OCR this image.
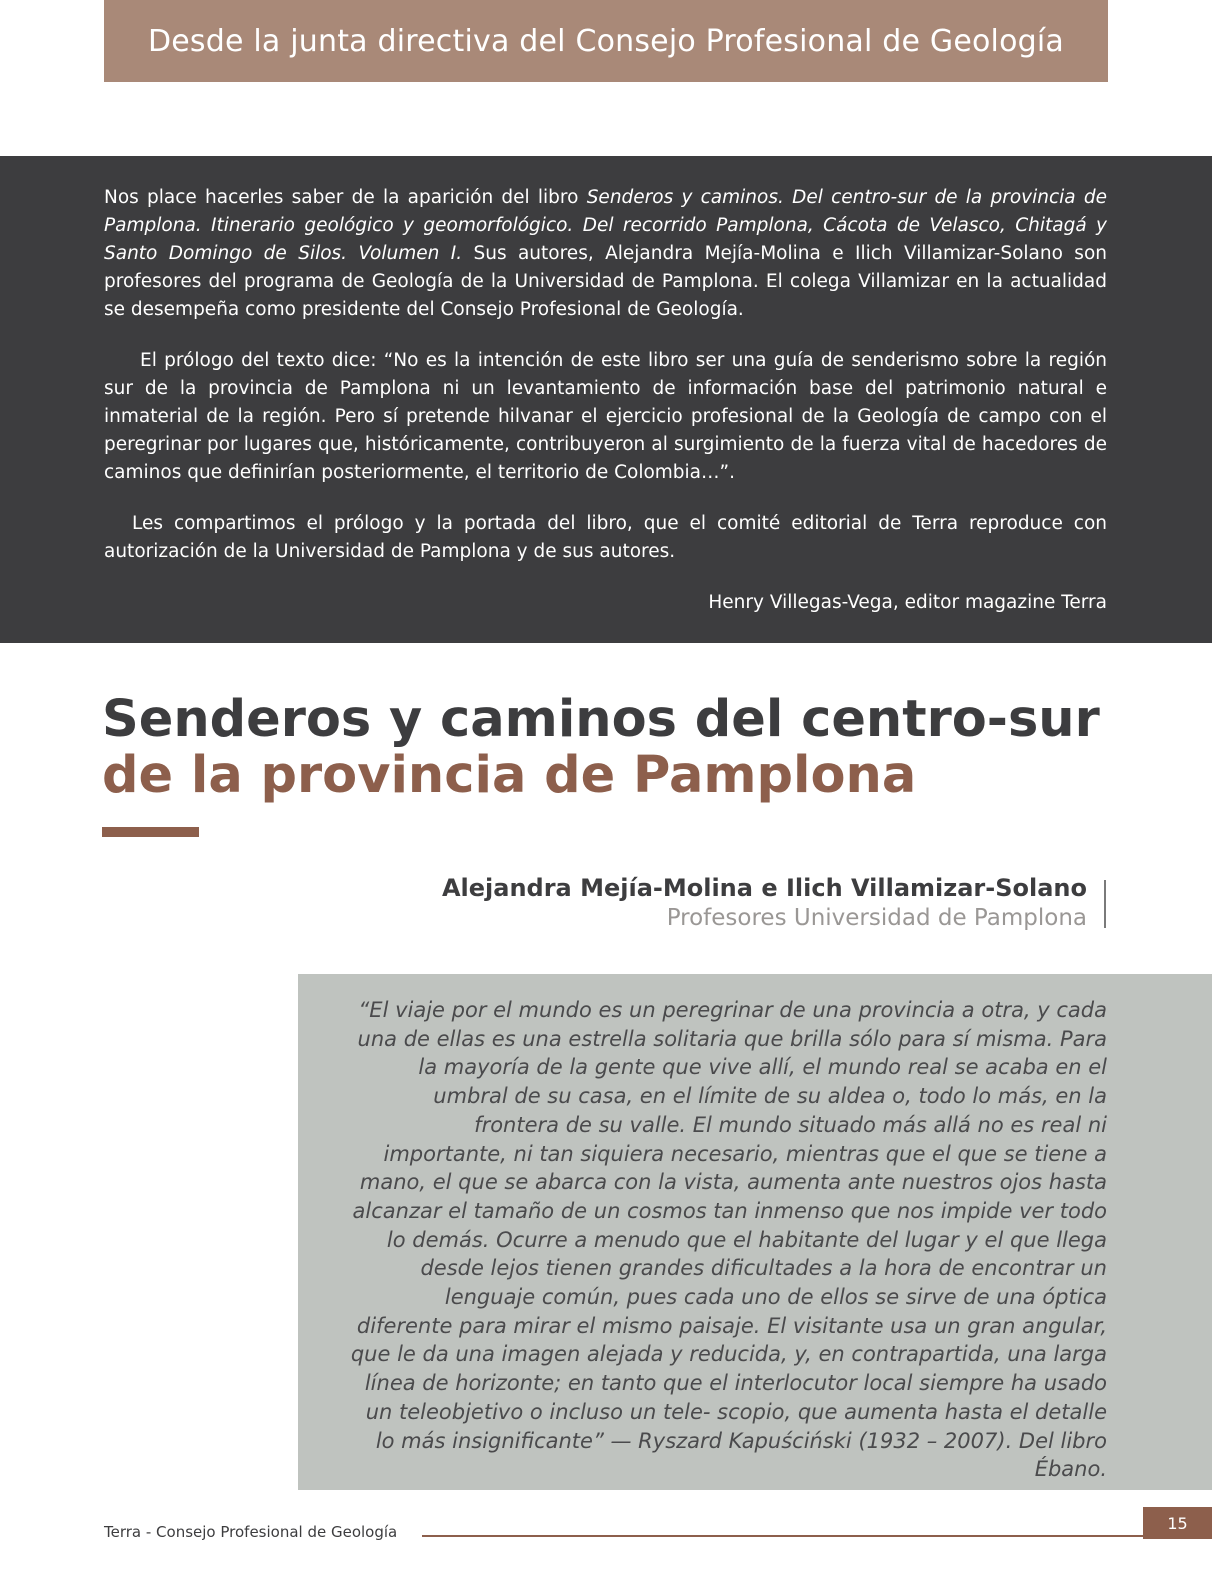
Desde la junta directiva del Consejo Profesional de Geología

Nos place hacerles saber de la aparición del libro Senderos y caminos. Del centro-sur de la provincia de Pamplona. Itinerario geológico y geomorfológico. Del recorrido Pamplona, Cácota de Velasco, Chitagá y Santo Domingo de Silos. Volumen I. Sus autores, Alejandra Mejía-Molina e Ilich Villamizar-Solano son profesores del programa de Geología de la Universidad de Pamplona. El colega Villamizar en la actualidad se desempeña como presidente del Consejo Profesional de Geología.

El prólogo del texto dice: “No es la intención de este libro ser una guía de senderismo sobre la región sur de la provincia de Pamplona ni un levantamiento de información base del patrimonio natural e inmaterial de la región. Pero sí pretende hilvanar el ejercicio profesional de la Geología de campo con el peregrinar por lugares que, históricamente, contribuyeron al surgimiento de la fuerza vital de hacedores de caminos que definirían posteriormente, el territorio de Colombia…”.

Les compartimos el prólogo y la portada del libro, que el comité editorial de Terra reproduce con autorización de la Universidad de Pamplona y de sus autores.

Henry Villegas-Vega, editor magazine Terra

Senderos y caminos del centro-sur
de la provincia de Pamplona
Alejandra Mejía-Molina e Ilich Villamizar-Solano
Profesores Universidad de Pamplona
“El viaje por el mundo es un peregrinar de una provincia a otra, y cada una de ellas es una estrella solitaria que brilla sólo para sí misma. Para la mayoría de la gente que vive allí, el mundo real se acaba en el umbral de su casa, en el límite de su aldea o, todo lo más, en la frontera de su valle. El mundo situado más allá no es real ni importante, ni tan siquiera necesario, mientras que el que se tiene a mano, el que se abarca con la vista, aumenta ante nuestros ojos hasta alcanzar el tamaño de un cosmos tan inmenso que nos impide ver todo lo demás. Ocurre a menudo que el habitante del lugar y el que llega desde lejos tienen grandes dificultades a la hora de encontrar un lenguaje común, pues cada uno de ellos se sirve de una óptica diferente para mirar el mismo paisaje. El visitante usa un gran angular, que le da una imagen alejada y reducida, y, en contrapartida, una larga línea de horizonte; en tanto que el interlocutor local siempre ha usado un teleobjetivo o incluso un tele- scopio, que aumenta hasta el detalle lo más insignificante” — Ryszard Kapuściński (1932 – 2007). Del libro Ébano.
Terra - Consejo Profesional de Geología	15
